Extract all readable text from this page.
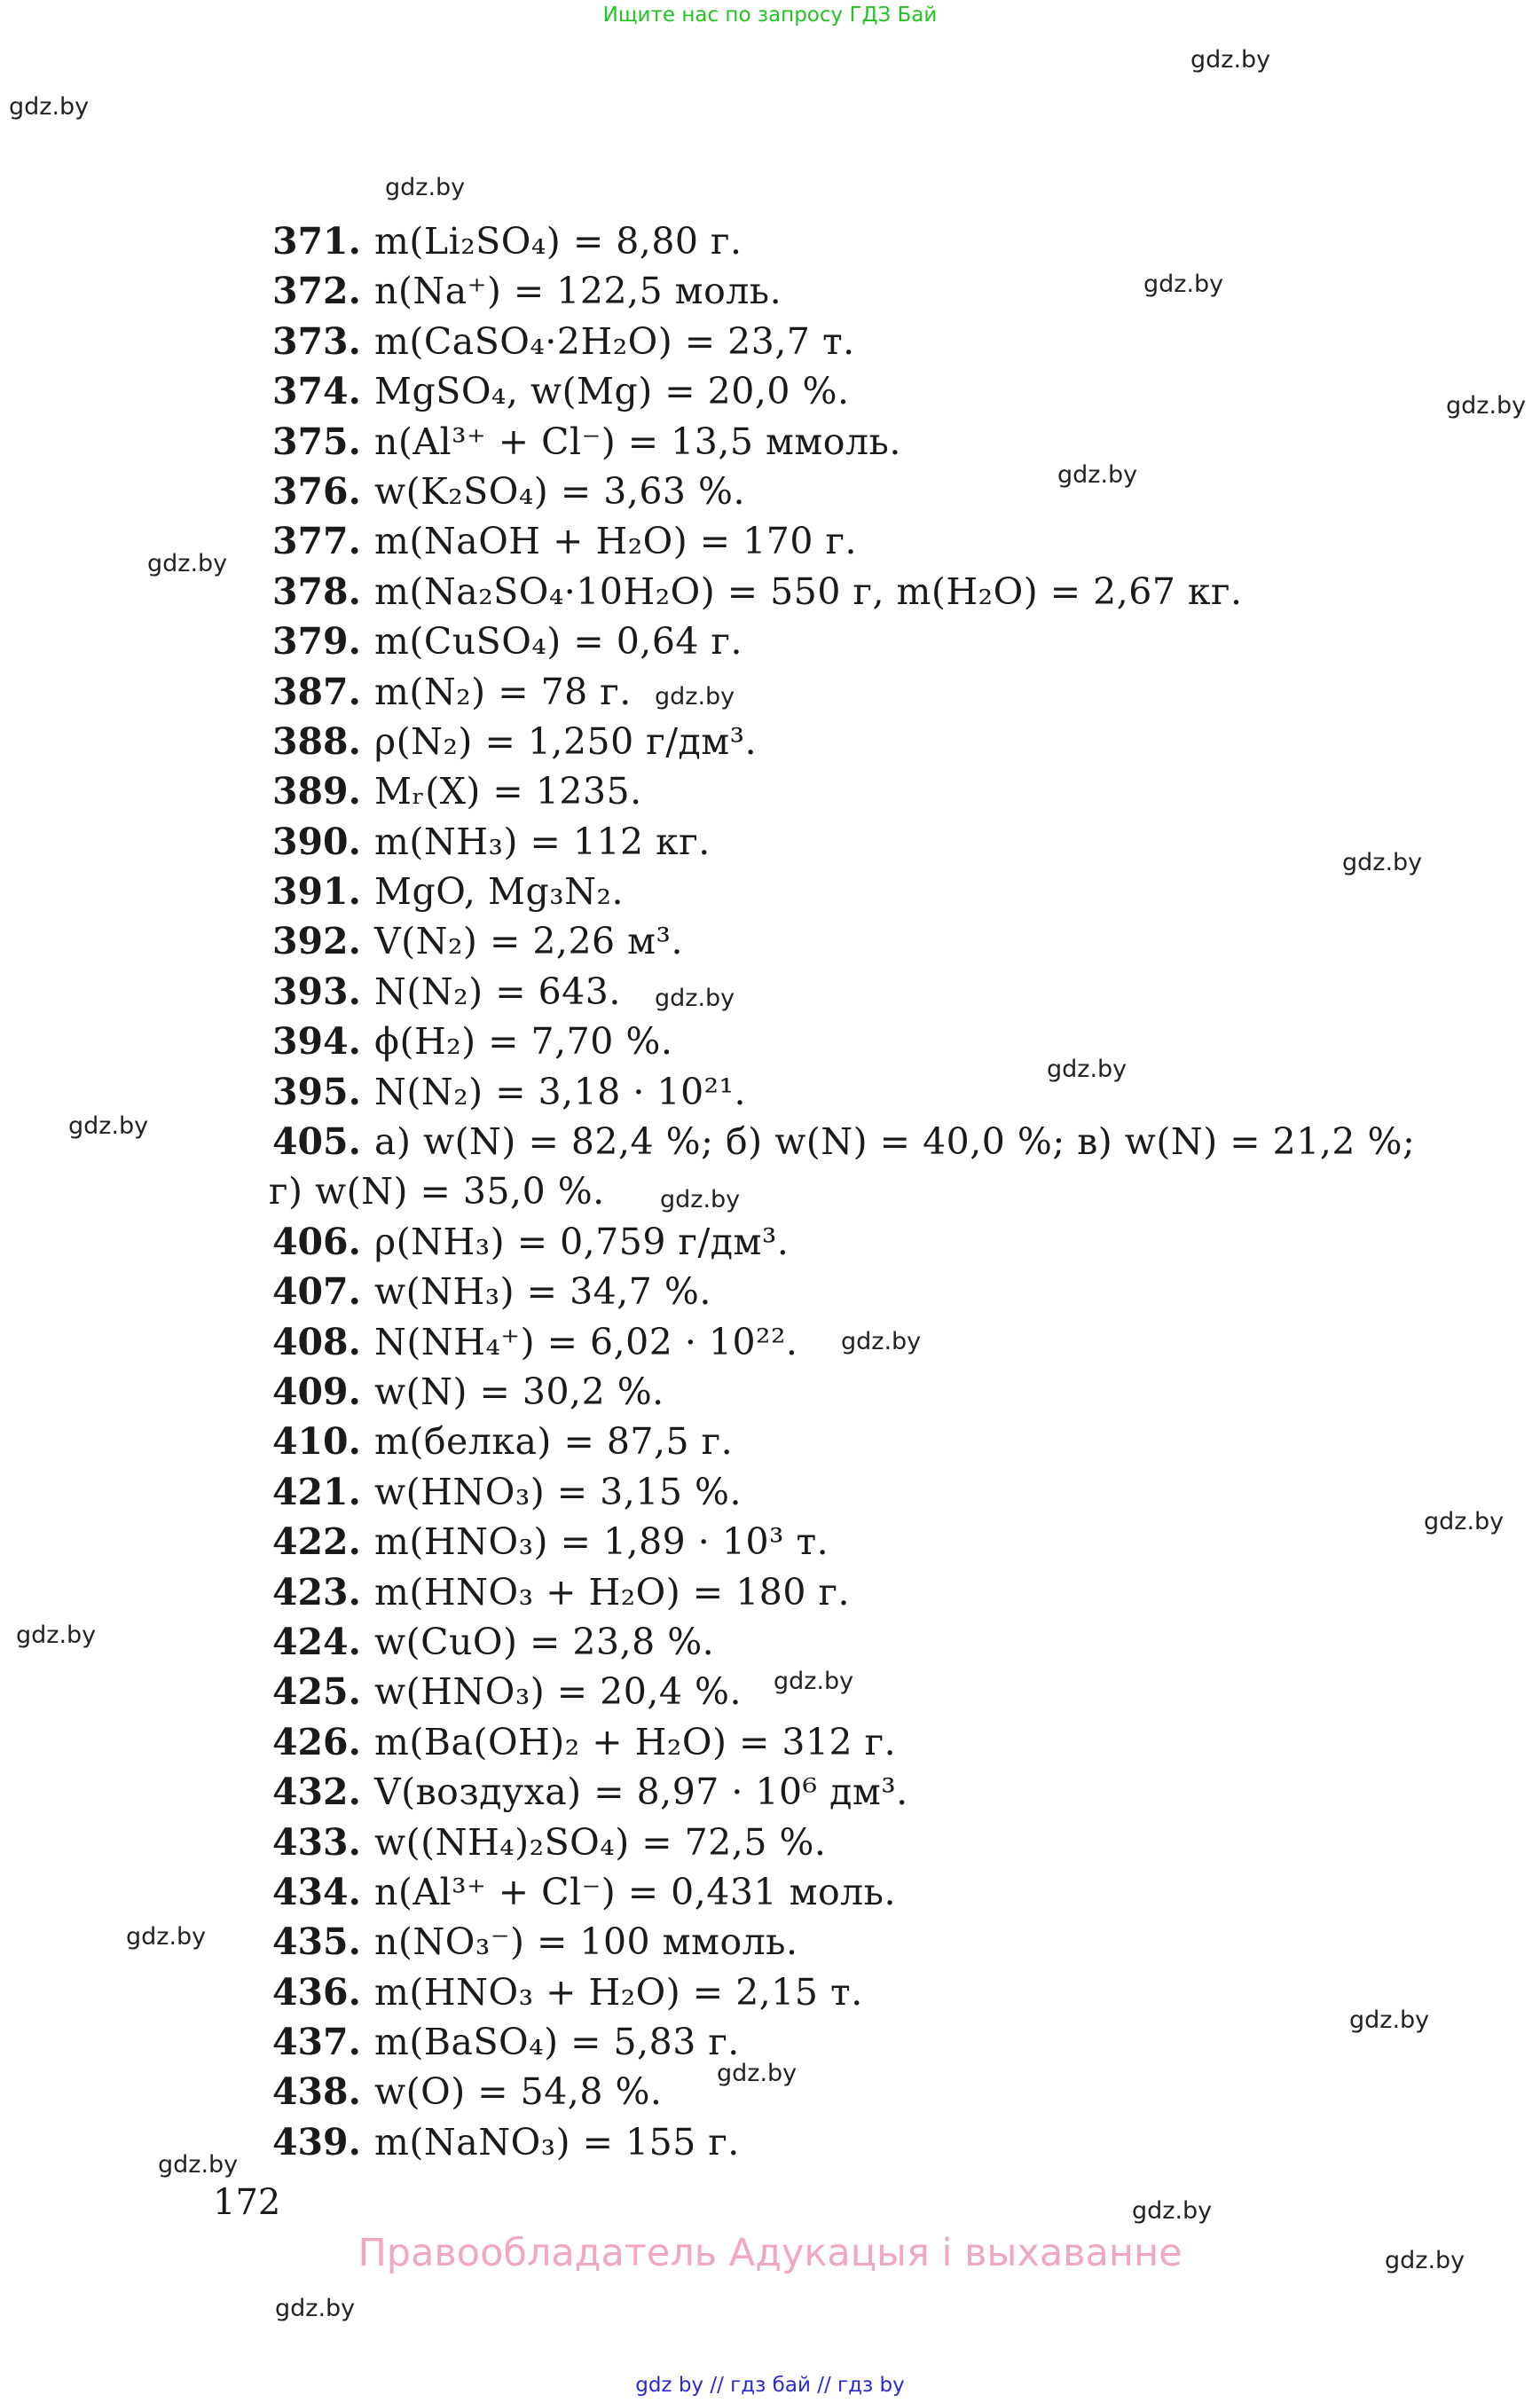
Ищите нас по запросу ГДЗ Бай
gdz.by
gdz.by
gdz.by
gdz.by
gdz.by
gdz.by
gdz.by
gdz.by
gdz.by
gdz.by
gdz.by
gdz.by
gdz.by
gdz.by
gdz.by
gdz.by
gdz.by
gdz.by
gdz.by
gdz.by
gdz.by
gdz.by
gdz.by
gdz.by
371. m(Li₂SO₄) = 8,80 г.
372. n(Na⁺) = 122,5 моль.
373. m(CaSO₄·2H₂O) = 23,7 т.
374. MgSO₄, w(Mg) = 20,0 %.
375. n(Al³⁺ + Cl⁻) = 13,5 ммоль.
376. w(K₂SO₄) = 3,63 %.
377. m(NaOH + H₂O) = 170 г.
378. m(Na₂SO₄·10H₂O) = 550 г, m(H₂O) = 2,67 кг.
379. m(CuSO₄) = 0,64 г.
387. m(N₂) = 78 г.
388. ρ(N₂) = 1,250 г/дм³.
389. Mᵣ(X) = 1235.
390. m(NH₃) = 112 кг.
391. MgO, Mg₃N₂.
392. V(N₂) = 2,26 м³.
393. N(N₂) = 643.
394. ϕ(H₂) = 7,70 %.
395. N(N₂) = 3,18 · 10²¹.
405. а) w(N) = 82,4 %; б) w(N) = 40,0 %; в) w(N) = 21,2 %;
г) w(N) = 35,0 %.
406. ρ(NH₃) = 0,759 г/дм³.
407. w(NH₃) = 34,7 %.
408. N(NH₄⁺) = 6,02 · 10²².
409. w(N) = 30,2 %.
410. m(белка) = 87,5 г.
421. w(HNO₃) = 3,15 %.
422. m(HNO₃) = 1,89 · 10³ т.
423. m(HNO₃ + H₂O) = 180 г.
424. w(CuO) = 23,8 %.
425. w(HNO₃) = 20,4 %.
426. m(Ba(OH)₂ + H₂O) = 312 г.
432. V(воздуха) = 8,97 · 10⁶ дм³.
433. w((NH₄)₂SO₄) = 72,5 %.
434. n(Al³⁺ + Cl⁻) = 0,431 моль.
435. n(NO₃⁻) = 100 ммоль.
436. m(HNO₃ + H₂O) = 2,15 т.
437. m(BaSO₄) = 5,83 г.
438. w(O) = 54,8 %.
439. m(NaNO₃) = 155 г.
172
Правообладатель Адукацыя і выхаванне
gdz by // гдз бай // гдз by
